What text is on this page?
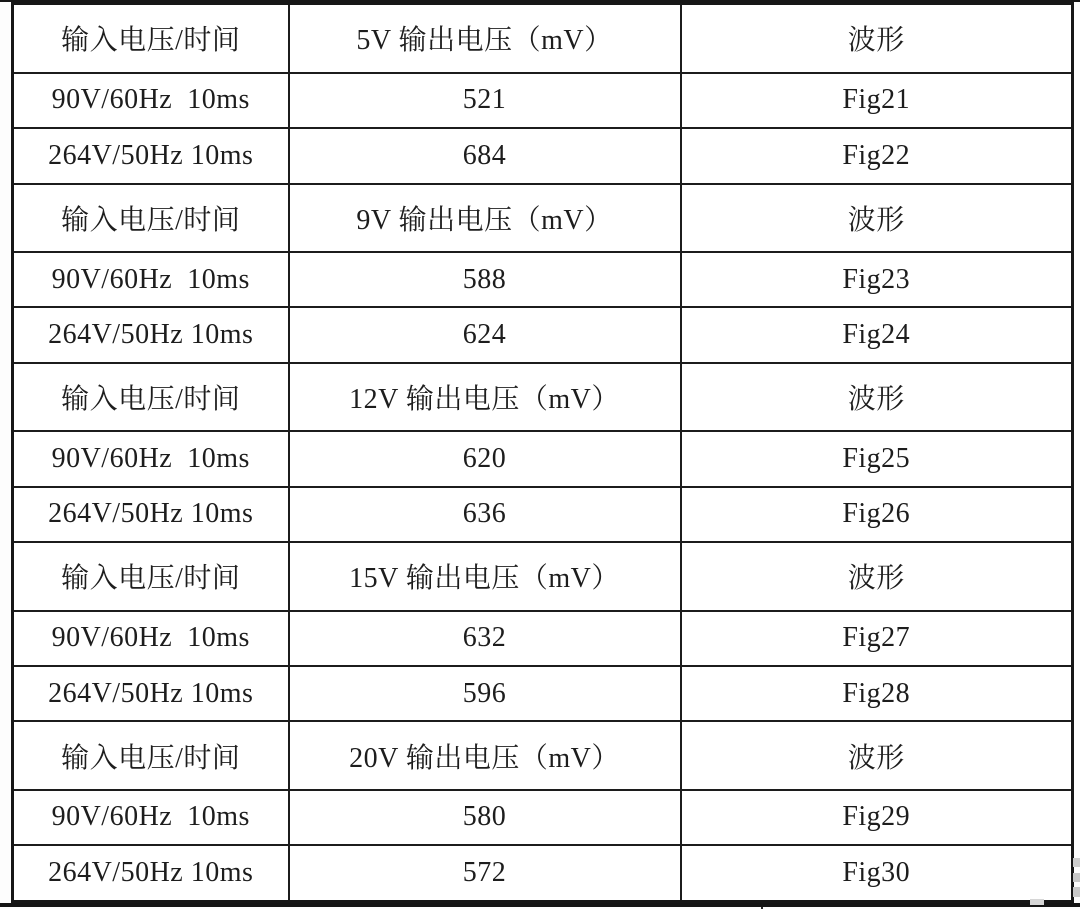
输入电压/时间	5V 输出电压（mV）	波形
90V/60Hz  10ms	521	Fig21
264V/50Hz 10ms	684	Fig22
输入电压/时间	9V 输出电压（mV）	波形
90V/60Hz  10ms	588	Fig23
264V/50Hz 10ms	624	Fig24
输入电压/时间	12V 输出电压（mV）	波形
90V/60Hz  10ms	620	Fig25
264V/50Hz 10ms	636	Fig26
输入电压/时间	15V 输出电压（mV）	波形
90V/60Hz  10ms	632	Fig27
264V/50Hz 10ms	596	Fig28
输入电压/时间	20V 输出电压（mV）	波形
90V/60Hz  10ms	580	Fig29
264V/50Hz 10ms	572	Fig30
